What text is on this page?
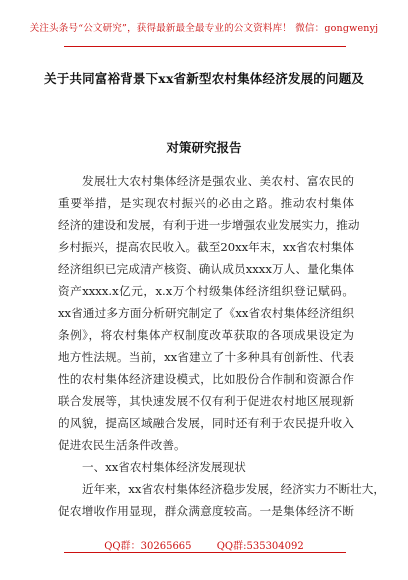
关注头条号“公文研究”，获得最新最全最专业的公文资料库！ 微信：gongwenyj
关于共同富裕背景下xx省新型农村集体经济发展的问题及
对策研究报告
发展壮大农村集体经济是强农业、美农村、富农民的
重要举措，是实现农村振兴的必由之路。推动农村集体
经济的建设和发展，有利于进一步增强农业发展实力，推动
乡村振兴，提高农民收入。截至20xx年末，xx省农村集体
经济组织已完成清产核资、确认成员xxxx万人、量化集体
资产xxxx.x亿元，x.x万个村级集体经济组织登记赋码。
xx省通过多方面分析研究制定了《xx省农村集体经济组织
条例》，将农村集体产权制度改革获取的各项成果设定为
地方性法规。当前，xx省建立了十多种具有创新性、代表
性的农村集体经济建设模式，比如股份合作制和资源合作
联合发展等，其快速发展不仅有利于促进农村地区展现新
的风貌，提高区域融合发展，同时还有利于农民提升收入
促进农民生活条件改善。
一、xx省农村集体经济发展现状
近年来，xx省农村集体经济稳步发展，经济实力不断壮大，
促农增收作用显现，群众满意度较高。一是集体经济不断
QQ群：30265665	QQ群:535304092
